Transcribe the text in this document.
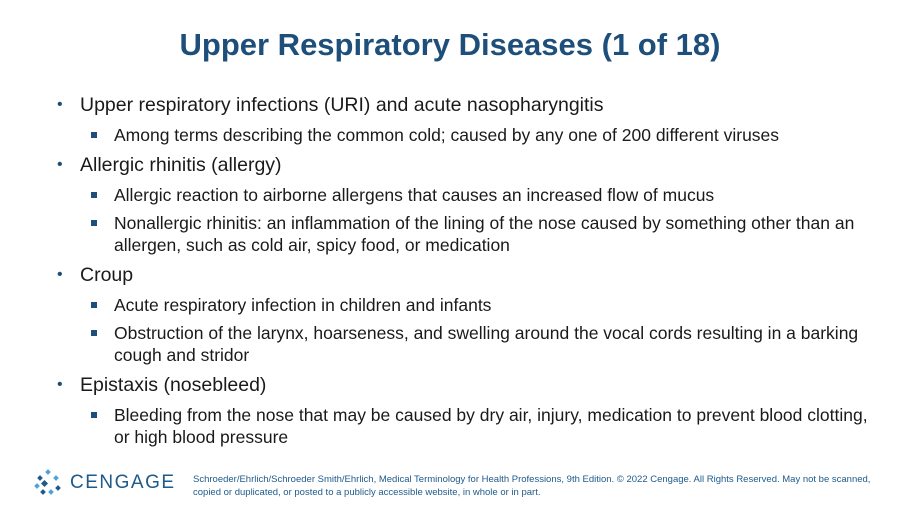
Upper Respiratory Diseases (1 of 18)
• Upper respiratory infections (URI) and acute nasopharyngitis
Among terms describing the common cold; caused by any one of 200 different viruses
• Allergic rhinitis (allergy)
Allergic reaction to airborne allergens that causes an increased flow of mucus
Nonallergic rhinitis: an inflammation of the lining of the nose caused by something other than an allergen, such as cold air, spicy food, or medication
• Croup
Acute respiratory infection in children and infants
Obstruction of the larynx, hoarseness, and swelling around the vocal cords resulting in a barking cough and stridor
• Epistaxis (nosebleed)
Bleeding from the nose that may be caused by dry air, injury, medication to prevent blood clotting, or high blood pressure
CENGAGE Schroeder/Ehrlich/Schroeder Smith/Ehrlich, Medical Terminology for Health Professions, 9th Edition. © 2022 Cengage. All Rights Reserved. May not be scanned, copied or duplicated, or posted to a publicly accessible website, in whole or in part.
